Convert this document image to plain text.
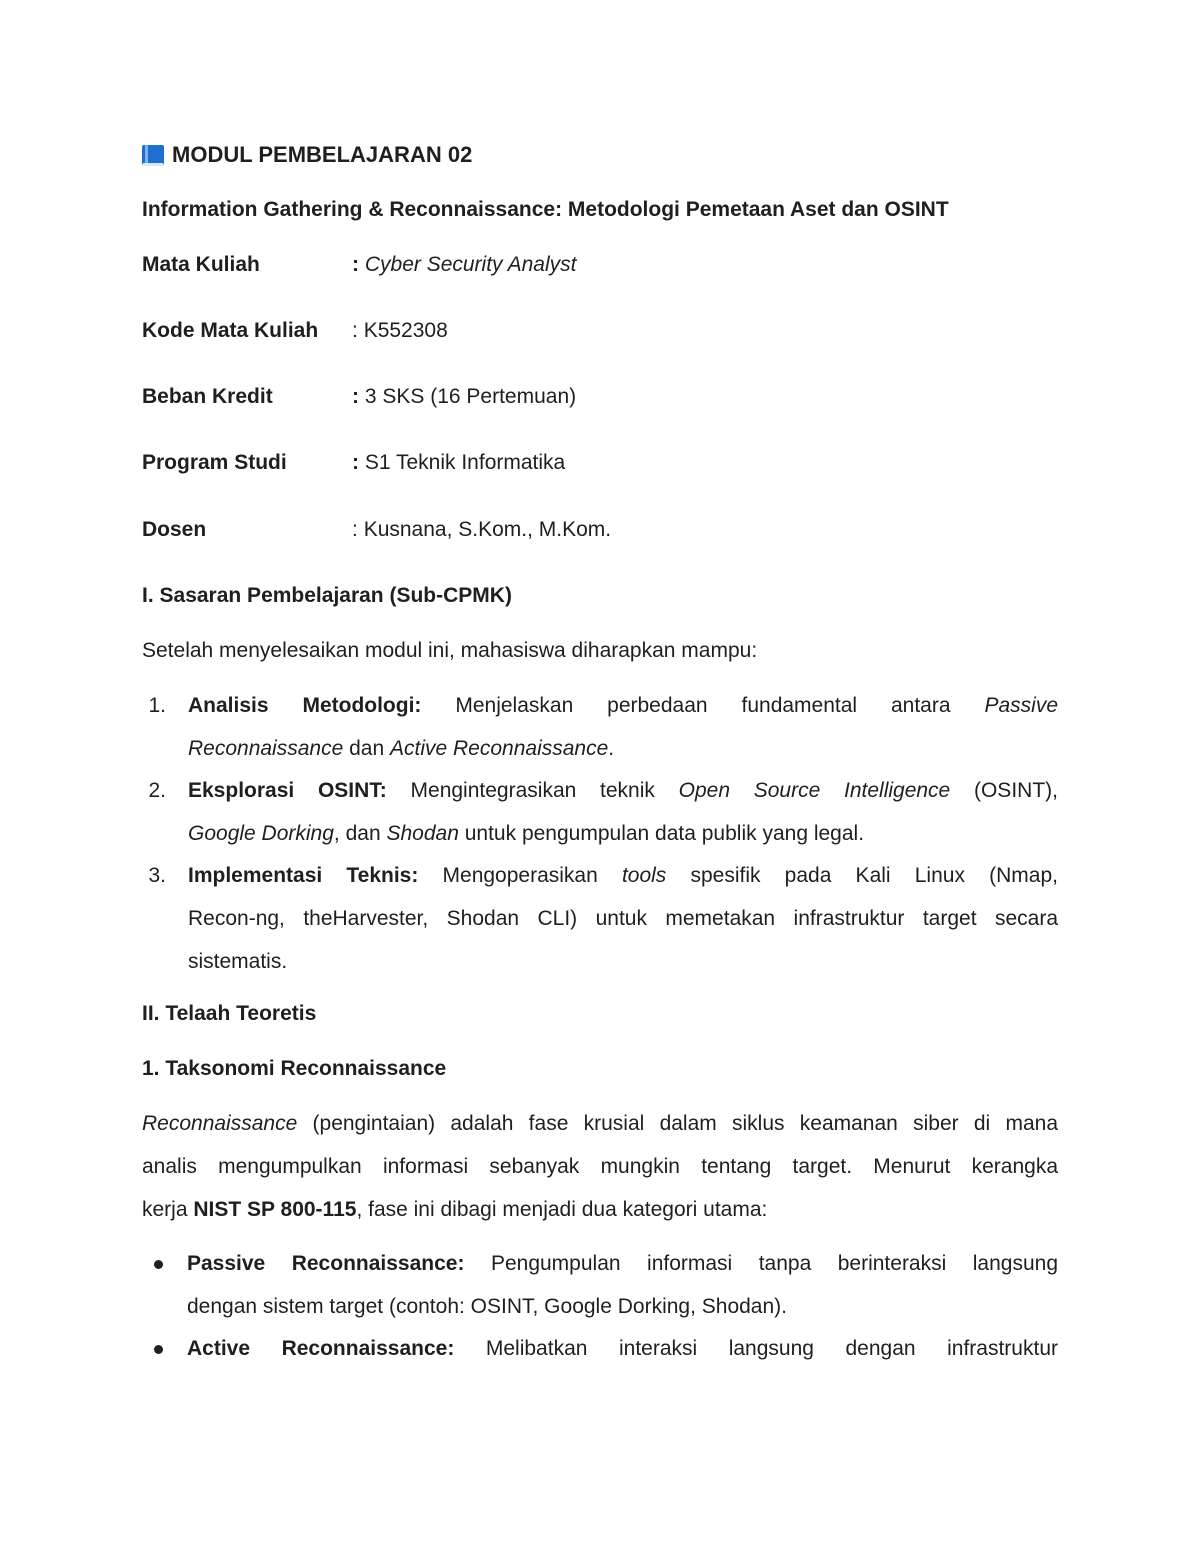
MODUL PEMBELAJARAN 02
Information Gathering & Reconnaissance: Metodologi Pemetaan Aset dan OSINT
Mata Kuliah	: Cyber Security Analyst
Kode Mata Kuliah : K552308
Beban Kredit	: 3 SKS (16 Pertemuan)
Program Studi	: S1 Teknik Informatika
Dosen	: Kusnana, S.Kom., M.Kom.
I. Sasaran Pembelajaran (Sub-CPMK)
Setelah menyelesaikan modul ini, mahasiswa diharapkan mampu:
1. Analisis Metodologi: Menjelaskan perbedaan fundamental antara Passive
Reconnaissance dan Active Reconnaissance.
2. Eksplorasi OSINT: Mengintegrasikan teknik Open Source Intelligence (OSINT),
Google Dorking, dan Shodan untuk pengumpulan data publik yang legal.
3. Implementasi Teknis: Mengoperasikan tools spesifik pada Kali Linux (Nmap,
Recon-ng, theHarvester, Shodan CLI) untuk memetakan infrastruktur target secara
sistematis.
II. Telaah Teoretis
1. Taksonomi Reconnaissance
Reconnaissance (pengintaian) adalah fase krusial dalam siklus keamanan siber di mana
analis mengumpulkan informasi sebanyak mungkin tentang target. Menurut kerangka
kerja NIST SP 800-115, fase ini dibagi menjadi dua kategori utama:
Passive Reconnaissance: Pengumpulan informasi tanpa berinteraksi langsung
dengan sistem target (contoh: OSINT, Google Dorking, Shodan).
Active Reconnaissance: Melibatkan interaksi langsung dengan infrastruktur
